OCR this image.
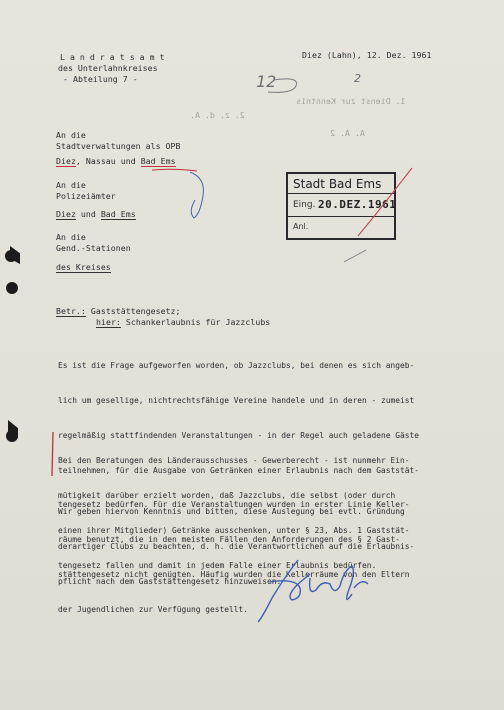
1. Dienst zur Kenntnis
2. z. d. A.
A. A. 2
L a n d r a t s a m t
des Unterlahnkreises
- Abteilung 7 -
Diez (Lahn), 12. Dez. 1961
12	2
An die
Stadtverwaltungen als OPB
Diez, Nassau und Bad Ems
An die
Polizeiämter
Diez und Bad Ems
An die
Gend.-Stationen
des Kreises
Stadt Bad Ems
Eing. 20.DEZ.1961
Anl.
Betr.: Gaststättengesetz;
hier: Schankerlaubnis für Jazzclubs

Es ist die Frage aufgeworfen worden, ob Jazzclubs, bei denen es sich angeb-

lich um gesellige, nichtrechtsfähige Vereine handele und in deren - zumeist

regelmäßig stattfindenden Veranstaltungen - in der Regel auch geladene Gäste

teilnehmen, für die Ausgabe von Getränken einer Erlaubnis nach dem Gaststät-

tengesetz bedürfen. Für die Veranstaltungen wurden in erster Linie Keller-

räume benutzt, die in den meisten Fällen den Anforderungen des § 2 Gast-

stättengesetz nicht genügten. Häufig wurden die Kellerräume von den Eltern

der Jugendlichen zur Verfügung gestellt.

Bei den Beratungen des Länderausschusses - Gewerberecht - ist nunmehr Ein-

mütigkeit darüber erzielt worden, daß Jazzclubs, die selbst (oder durch

einen ihrer Mitglieder) Getränke ausschenken, unter § 23, Abs. 1 Gaststät-

tengesetz fallen und damit in jedem Falle einer Erlaubnis bedürfen.

Wir geben hiervon Kenntnis und bitten, diese Auslegung bei evtl. Gründung

derartiger Clubs zu beachten, d. h. die Verantwortlichen auf die Erlaubnis-

pflicht nach dem Gaststättengesetz hinzuweisen.
